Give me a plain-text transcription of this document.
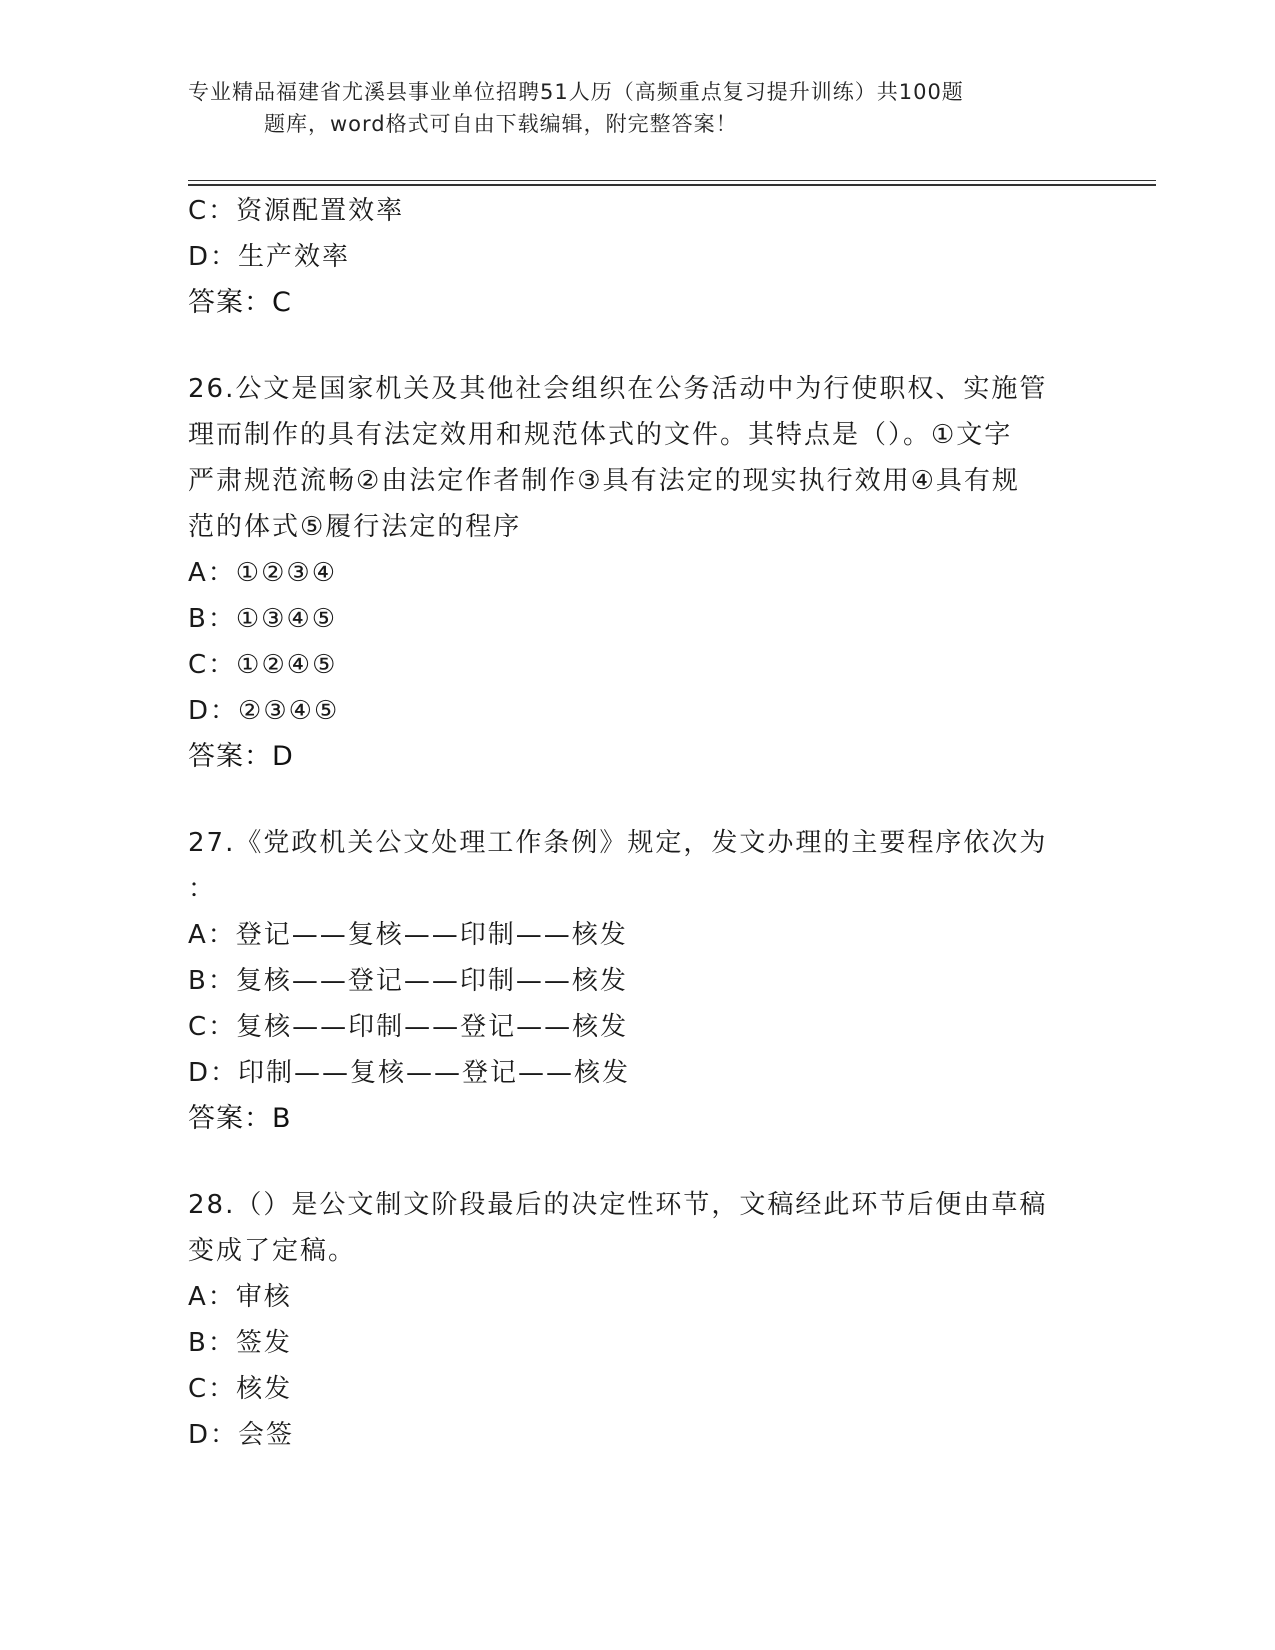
专业精品福建省尤溪县事业单位招聘51人历（高频重点复习提升训练）共100题
题库，word格式可自由下载编辑，附完整答案！
C：资源配置效率
D：生产效率
答案：C
26.公文是国家机关及其他社会组织在公务活动中为行使职权、实施管
理而制作的具有法定效用和规范体式的文件。其特点是（）。①文字
严肃规范流畅②由法定作者制作③具有法定的现实执行效用④具有规
范的体式⑤履行法定的程序
A：①②③④
B：①③④⑤
C：①②④⑤
D：②③④⑤
答案：D
27.《党政机关公文处理工作条例》规定，发文办理的主要程序依次为
：
A：登记——复核——印制——核发
B：复核——登记——印制——核发
C：复核——印制——登记——核发
D：印制——复核——登记——核发
答案：B
28.（）是公文制文阶段最后的决定性环节，文稿经此环节后便由草稿
变成了定稿。
A：审核
B：签发
C：核发
D：会签
